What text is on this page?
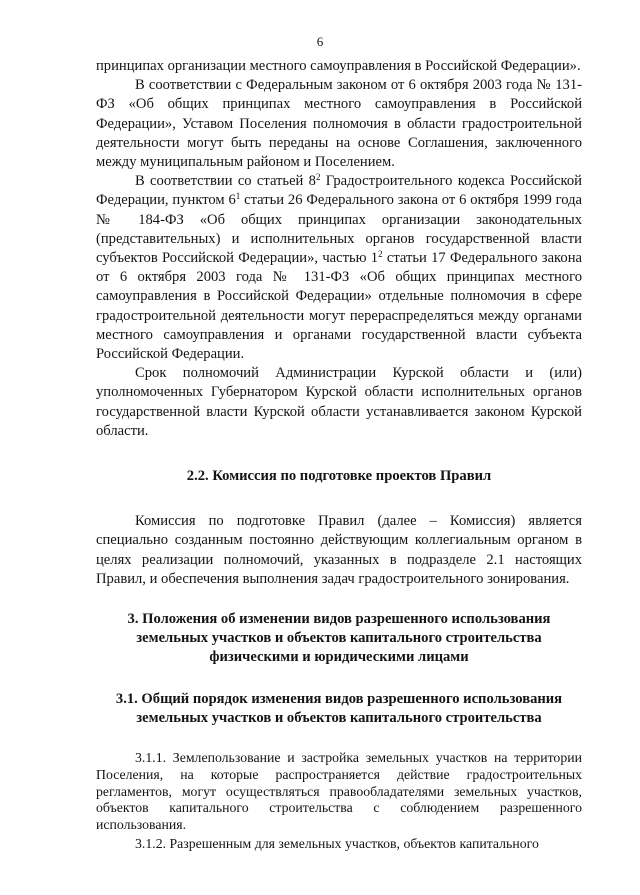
6

принципах организации местного самоуправления в Российской Федерации».

В соответствии с Федеральным законом от 6 октября 2003 года № 131-ФЗ «Об общих принципах местного самоуправления в Российской Федерации», Уставом Поселения полномочия в области градостроительной деятельности могут быть переданы на основе Соглашения, заключенного между муниципальным районом и Поселением.

В соответствии со статьей $8^2$ Градостроительного кодекса Российской Федерации, пунктом $6^1$ статьи 26 Федерального закона от 6 октября 1999 года № 184-ФЗ «Об общих принципах организации законодательных (представительных) и исполнительных органов государственной власти субъектов Российской Федерации», частью $1^2$ статьи 17 Федерального закона от 6 октября 2003 года № 131-ФЗ «Об общих принципах местного самоуправления в Российской Федерации» отдельные полномочия в сфере градостроительной деятельности могут перераспределяться между органами местного самоуправления и органами государственной власти субъекта Российской Федерации.

Срок полномочий Администрации Курской области и (или) уполномоченных Губернатором Курской области исполнительных органов государственной власти Курской области устанавливается законом Курской области.

2.2. Комиссия по подготовке проектов Правил

Комиссия по подготовке Правил (далее – Комиссия) является специально созданным постоянно действующим коллегиальным органом в целях реализации полномочий, указанных в подразделе 2.1 настоящих Правил, и обеспечения выполнения задач градостроительного зонирования.

3. Положения об изменении видов разрешенного использования земельных участков и объектов капитального строительства физическими и юридическими лицами
3.1. Общий порядок изменения видов разрешенного использования земельных участков и объектов капитального строительства

3.1.1. Землепользование и застройка земельных участков на территории Поселения, на которые распространяется действие градостроительных регламентов, могут осуществляться правообладателями земельных участков, объектов капитального строительства с соблюдением разрешенного использования.

3.1.2. Разрешенным для земельных участков, объектов капитального
